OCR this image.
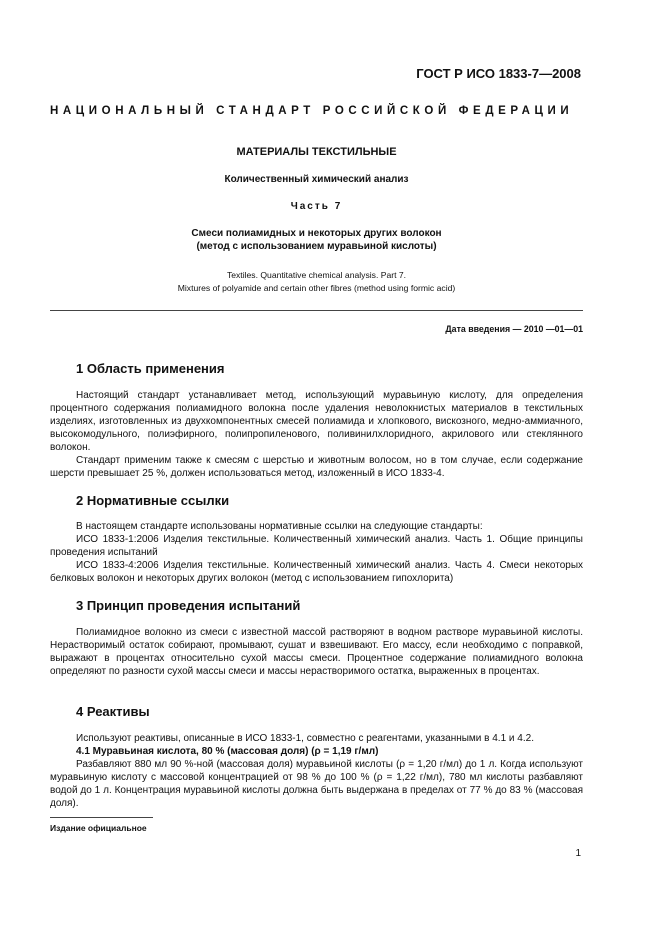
ГОСТ Р ИСО 1833-7—2008
НАЦИОНАЛЬНЫЙ СТАНДАРТ РОССИЙСКОЙ ФЕДЕРАЦИИ
МАТЕРИАЛЫ ТЕКСТИЛЬНЫЕ
Количественный химический анализ
Часть 7
Смеси полиамидных и некоторых других волокон
(метод с использованием муравьиной кислоты)
Textiles. Quantitative chemical analysis. Part 7.
Mixtures of polyamide and certain other fibres (method using formic acid)
Дата введения — 2010 —01—01
1 Область применения

Настоящий стандарт устанавливает метод, использующий муравьиную кислоту, для определения процентного содержания полиамидного волокна после удаления неволокнистых материалов в текстильных изделиях, изготовленных из двухкомпонентных смесей полиамида и хлопкового, вискозного, медно-аммиачного, высокомодульного, полиэфирного, полипропиленового, поливинилхлоридного, акрилового или стеклянного волокон.

Стандарт применим также к смесям с шерстью и животным волосом, но в том случае, если содержание шерсти превышает 25 %, должен использоваться метод, изложенный в ИСО 1833-4.

2 Нормативные ссылки

В настоящем стандарте использованы нормативные ссылки на следующие стандарты:

ИСО 1833-1:2006 Изделия текстильные. Количественный химический анализ. Часть 1. Общие принципы проведения испытаний

ИСО 1833-4:2006 Изделия текстильные. Количественный химический анализ. Часть 4. Смеси некоторых белковых волокон и некоторых других волокон (метод с использованием гипохлорита)

3 Принцип проведения испытаний

Полиамидное волокно из смеси с известной массой растворяют в водном растворе муравьиной кислоты. Нерастворимый остаток собирают, промывают, сушат и взвешивают. Его массу, если необходимо с поправкой, выражают в процентах относительно сухой массы смеси. Процентное содержание полиамидного волокна определяют по разности сухой массы смеси и массы нерастворимого остатка, выраженных в процентах.

4 Реактивы

Используют реактивы, описанные в ИСО 1833-1, совместно с реагентами, указанными в 4.1 и 4.2.

4.1 Муравьиная кислота, 80 % (массовая доля) (ρ = 1,19 г/мл)

Разбавляют 880 мл 90 %-ной (массовая доля) муравьиной кислоты (ρ = 1,20 г/мл) до 1 л. Когда используют муравьиную кислоту с массовой концентрацией от 98 % до 100 % (ρ = 1,22 г/мл), 780 мл кислоты разбавляют водой до 1 л. Концентрация муравьиной кислоты должна быть выдержана в пределах от 77 % до 83 % (массовая доля).

Издание официальное
1
